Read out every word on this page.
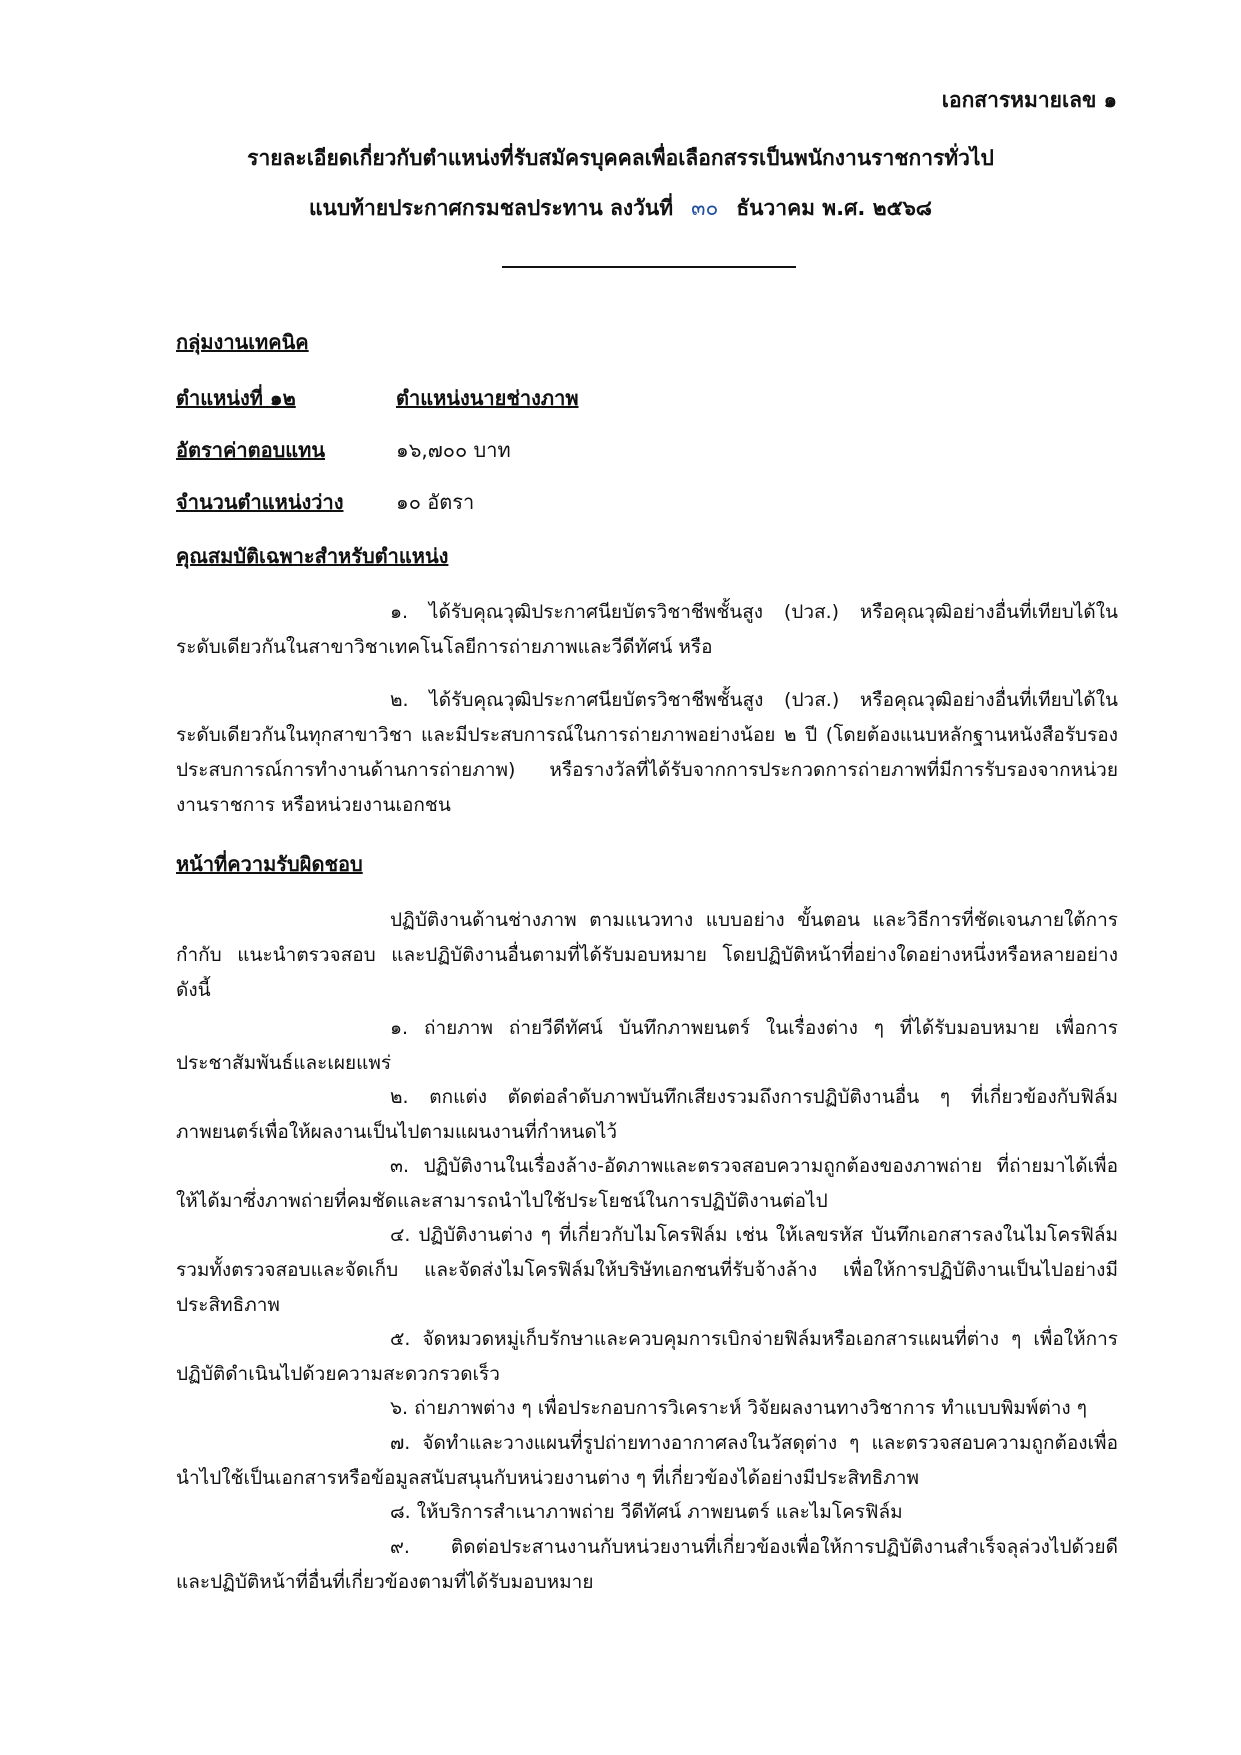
เอกสารหมายเลข ๑

รายละเอียดเกี่ยวกับตำแหน่งที่รับสมัครบุคคลเพื่อเลือกสรรเป็นพนักงานราชการทั่วไป

แนบท้ายประกาศกรมชลประทาน ลงวันที่ ๓๐ ธันวาคม พ.ศ. ๒๕๖๘

กลุ่มงานเทคนิค

ตำแหน่งที่ ๑๒	ตำแหน่งนายช่างภาพ

อัตราค่าตอบแทน	๑๖,๗๐๐ บาท

จำนวนตำแหน่งว่าง	๑๐ อัตรา

คุณสมบัติเฉพาะสำหรับตำแหน่ง

๑. ได้รับคุณวุฒิประกาศนียบัตรวิชาชีพชั้นสูง (ปวส.) หรือคุณวุฒิอย่างอื่นที่เทียบได้ในระดับเดียวกันในสาขาวิชาเทคโนโลยีการถ่ายภาพและวีดีทัศน์ หรือ

๒. ได้รับคุณวุฒิประกาศนียบัตรวิชาชีพชั้นสูง (ปวส.) หรือคุณวุฒิอย่างอื่นที่เทียบได้ในระดับเดียวกันในทุกสาขาวิชา และมีประสบการณ์ในการถ่ายภาพอย่างน้อย ๒ ปี (โดยต้องแนบหลักฐานหนังสือรับรองประสบการณ์การทำงานด้านการถ่ายภาพ) หรือรางวัลที่ได้รับจากการประกวดการถ่ายภาพที่มีการรับรองจากหน่วยงานราชการ หรือหน่วยงานเอกชน

หน้าที่ความรับผิดชอบ

ปฏิบัติงานด้านช่างภาพ ตามแนวทาง แบบอย่าง ขั้นตอน และวิธีการที่ชัดเจนภายใต้การกำกับ แนะนำตรวจสอบ และปฏิบัติงานอื่นตามที่ได้รับมอบหมาย โดยปฏิบัติหน้าที่อย่างใดอย่างหนึ่งหรือหลายอย่าง ดังนี้

๑. ถ่ายภาพ ถ่ายวีดีทัศน์ บันทึกภาพยนตร์ ในเรื่องต่าง ๆ ที่ได้รับมอบหมาย เพื่อการประชาสัมพันธ์และเผยแพร่

๒. ตกแต่ง ตัดต่อลำดับภาพบันทึกเสียงรวมถึงการปฏิบัติงานอื่น ๆ ที่เกี่ยวข้องกับฟิล์มภาพยนตร์เพื่อให้ผลงานเป็นไปตามแผนงานที่กำหนดไว้

๓. ปฏิบัติงานในเรื่องล้าง-อัดภาพและตรวจสอบความถูกต้องของภาพถ่าย ที่ถ่ายมาได้เพื่อให้ได้มาซึ่งภาพถ่ายที่คมชัดและสามารถนำไปใช้ประโยชน์ในการปฏิบัติงานต่อไป

๔. ปฏิบัติงานต่าง ๆ ที่เกี่ยวกับไมโครฟิล์ม เช่น ให้เลขรหัส บันทึกเอกสารลงในไมโครฟิล์มรวมทั้งตรวจสอบและจัดเก็บ และจัดส่งไมโครฟิล์มให้บริษัทเอกชนที่รับจ้างล้าง เพื่อให้การปฏิบัติงานเป็นไปอย่างมีประสิทธิภาพ

๕. จัดหมวดหมู่เก็บรักษาและควบคุมการเบิกจ่ายฟิล์มหรือเอกสารแผนที่ต่าง ๆ เพื่อให้การปฏิบัติดำเนินไปด้วยความสะดวกรวดเร็ว

๖. ถ่ายภาพต่าง ๆ เพื่อประกอบการวิเคราะห์ วิจัยผลงานทางวิชาการ ทำแบบพิมพ์ต่าง ๆ

๗. จัดทำและวางแผนที่รูปถ่ายทางอากาศลงในวัสดุต่าง ๆ และตรวจสอบความถูกต้องเพื่อนำไปใช้เป็นเอกสารหรือข้อมูลสนับสนุนกับหน่วยงานต่าง ๆ ที่เกี่ยวข้องได้อย่างมีประสิทธิภาพ

๘. ให้บริการสำเนาภาพถ่าย วีดีทัศน์ ภาพยนตร์ และไมโครฟิล์ม

๙. ติดต่อประสานงานกับหน่วยงานที่เกี่ยวข้องเพื่อให้การปฏิบัติงานสำเร็จลุล่วงไปด้วยดี และปฏิบัติหน้าที่อื่นที่เกี่ยวข้องตามที่ได้รับมอบหมาย
